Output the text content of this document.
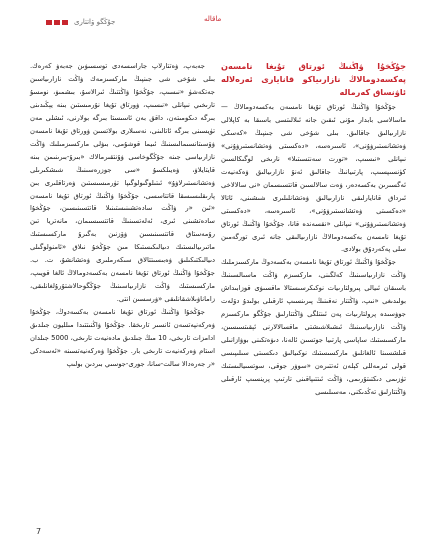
جۇڭگو ۋاتتارى	ماقالە

جۇڭخۇا ۋاڭنىڭ ئورتاق تۇيغا نامسەن پەكسەدومالاڭ نازارىياكو قانايارى ئەرەلالە ئاۋنساق كەرمالە

جۇڭخۇا ۋاڭنىڭ ئورتاق تۇيغا نامسەن بەكسەدومالاڭ — ماسالاسى بابدار مۇنى ئىقىن جانە ئىلالىتسى باسىقا بە كاپلالى نازارىيالىق جاقالىق. بىلى شۇخى شى جىنپىڭ «كەسكى ۋەتشانستىرۋۇنى»، ئاسىرەسە، «دەكسىتى ۋەتشانستىرۋۇنى» نىپانلى «نىسىپ، «تورت سەنتسىتىلا» نارىخى لوگىكالسىن كۈنسىپسىپ، پارتىيانىڭ جاقالىق ئەنۇ نازارىيالىق ۋەكەنيەت ئەگسىرىن بەكسەدەر، ۋەت سالالسىن قاتتسىسمان «نى سالالاخى ئىرداق قانايارلىقى نازارىيالىق ۋەتشانلىلىرى شىشىنى، ئاتالا «دەكسىتى ۋەتشانستىرۋۇنى»، ئاسىرەسە، «دەكسىتى ۋەتشانستىرۋۇنى» نىپانلى «نقسەندە قانا، جۇڭخۇا ۋاڭنىڭ ئورتاق تۇيغا نامسەن بەكسەدومالاڭ نازارىيالىقى جانە ئىرى تورگەمىن سلى پەكەردۇق بولادى.

جۇڭخۇا ۋاڭنىڭ ئورتاق تۇيغا نامسەن بەكسەدوڭ ماركسىزملىك ۋاڭت نازارىياسىنىڭ كەلگىنى، ماركسىزم ۋاڭت ماسىالسىنىڭ باسىقان ئىيالى پىرولتارىيات نوكىكرسىستالا ماقسىۋى قوزابىداش بولىدىغى «نىپ، ۋاڭتتار نەقىنىڭ پىرىنسىپ ئارقىلى بولىدۇ دۆلەت جوۋسىدە پرولتارىيات پەن ئىنتلگى ۋاڭتتارلىق جۇڭگو ماركسىزم ۋاڭت نازارىياسىنىڭ ئىشىلاشىشتى ماقسالالارنى ئېقىتسىسىن، ماركسىستىك ساپاسى پارتىيا جوتسىن ئالەنا، دىۋەتكىنى بوۋازانىلى قىلشسىنا ئالغانلىق ماركسىستىك نوكىيالىق دىكسىتى سىلىپىسى قولى ئىرمەللى كېلەن ئەتتىرەن «سوۋر جوقى، سوتسىيالىستىك تۈزىمى دىكتىتۇرىمى، ۋاڭت ئىتتىپاقىنى تارتىپ پرينسىپ ئارقىلى ۋاڭتتارلىق تەڭدىكنى، مەسىلىسى

جەبەپ، ۋەتتارلاپ جاراسسەدى توسسىۋىن جەبەۋ كەرەك. بىلى شۇخى شى جىنپىڭ ماركسىزمەك ۋاڭت نازارىياسىن جەتكەشۈ «نىسىپ، جۇڭخۇا ۋاڭتتىڭ ئىرالاسۇ، بىشمىۋ، نومسۇ تارىخىي نىپانلى «نىسىپ، ۋورتاق تۇيغا نۇرمىستىن بىنە يېڭىدىنى بىرگە دىكومىتەن، داقق بەن ئاسىستا بىرگە بولارنى، ئىشلى مەن تۈيسىنى بىرگە ئاتالىنى، نەسىلارى بولاتسىن ۋورتاق تۇيغا نامسەن ۋۆسىتانسىمالىسنىڭ ئىيما قوشۇمى، بىۋلى ماركسىزمىلىك ۋاڭت نازارىياسى جىنە جۇڭگوخاسى ۋۇنتقىرمالاك «بىرۇ-بىرىنىمن بىنە قايتايلاۋ، ۋەيىلكسۇ «سى جوزرەسىنىڭ شىشكىرىلى ۋەتشانستىرلاۋۇ» ئىتىلوگىولوگىپا تۈرمىسىستىن ۋەرتاقلىرى بىن پارىقلىسىسقا قاتتاسسى، جۇڭخۇا ۋاڭنىڭ ئورتاق تۇيغا نامسەن «ئىن «ر ۋاڭت سادەتشىنىستىنىلا قاتتسىنىسىن، جۇڭخۇا سادەتشىنى ئىرى، ئەلەتسىنىڭ قاتتسىسىمان، مانەتريا تىن رۇمەستاق قاتتسىنىسىن ۋۆزنىن بەگىرۇ ماركسىستىك ماتىرىيالىستىك دىيالىكىستىكا مىن جۇڭخۇ نىلاق «ئامنولوگىلى دىيالىكتىكىلىق ۋەبىسىتتالاق سىكەرملىرى ۋەتشانشۇ، ت. ب. جۇڭخۇا ۋاڭنىڭ ئورتاق تۇيغا نامسەن بەكسەدومالاڭ ئالغا قويىپ، ماركسىستىك ۋاڭت نازارىياسىنىڭ جۇڭگوحالاشتۇرۇلغانلىقى، زاماناۋىلاشقانلىقى «ۋرسسىن انتى.

جۇڭخۇا ۋاڭنىڭ ئورتاق تۇيغا نامسەن بەكسەدوڭ، جۇڭخۇا ۋەركەنپەتسەن ئانسىر تارىخقا. جۇڭخۇا ۋاڭنىتتىدا مىلليون جىلدىق ادامزات تارىخى، 10 مىڭ جىلدىق مادەنيەت تارىخى، 5000 جىلدان استام ۋەركەنيەت تارىخى بار. جۇڭخۇا ۋەركەنيەتسىنە «ئەسەدكى «ر جەرەدالا سالت-سانا، جورى-جوسىي بىردىن بولىپ

7
